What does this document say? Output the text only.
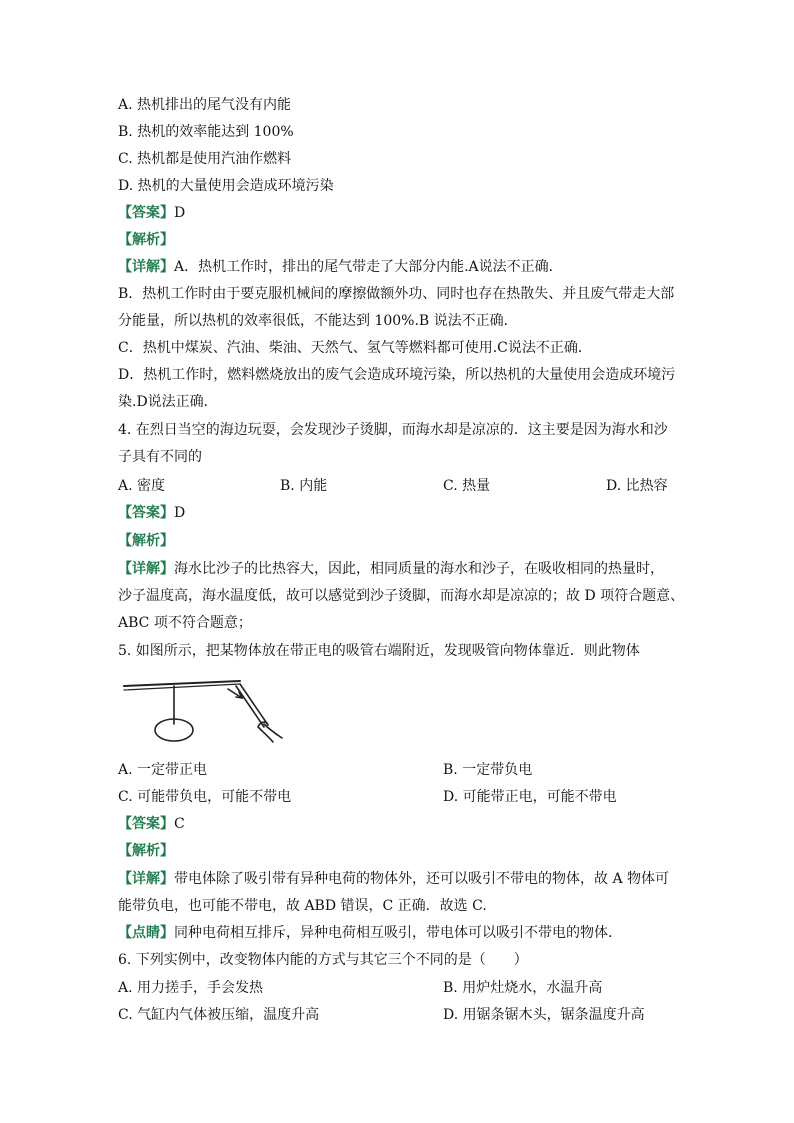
A. 热机排出的尾气没有内能
B. 热机的效率能达到 100%
C. 热机都是使用汽油作燃料
D. 热机的大量使用会造成环境污染
【答案】D
【解析】
【详解】A．热机工作时，排出的尾气带走了大部分内能.A说法不正确．
B．热机工作时由于要克服机械间的摩擦做额外功、同时也存在热散失、并且废气带走大部
分能量，所以热机的效率很低，不能达到 100%.B 说法不正确．
C．热机中煤炭、汽油、柴油、天然气、氢气等燃料都可使用.C说法不正确．
D．热机工作时，燃料燃烧放出的废气会造成环境污染，所以热机的大量使用会造成环境污
染.D说法正确．
4. 在烈日当空的海边玩耍，会发现沙子烫脚，而海水却是凉凉的．这主要是因为海水和沙
子具有不同的
A. 密度	B. 内能	C. 热量	D. 比热容
【答案】D
【解析】
【详解】海水比沙子的比热容大，因此，相同质量的海水和沙子，在吸收相同的热量时，
沙子温度高，海水温度低，故可以感觉到沙子烫脚，而海水却是凉凉的；故 D 项符合题意、
ABC 项不符合题意；
5. 如图所示，把某物体放在带正电的吸管右端附近，发现吸管向物体靠近．则此物体
A. 一定带正电	B. 一定带负电
C. 可能带负电，可能不带电	D. 可能带正电，可能不带电
【答案】C
【解析】
【详解】带电体除了吸引带有异种电荷的物体外，还可以吸引不带电的物体，故 A 物体可
能带负电，也可能不带电，故 ABD 错误，C 正确．故选 C.
【点睛】同种电荷相互排斥，异种电荷相互吸引，带电体可以吸引不带电的物体．
6. 下列实例中，改变物体内能的方式与其它三个不同的是（　　）
A. 用力搓手，手会发热	B. 用炉灶烧水，水温升高
C. 气缸内气体被压缩，温度升高	D. 用锯条锯木头，锯条温度升高
